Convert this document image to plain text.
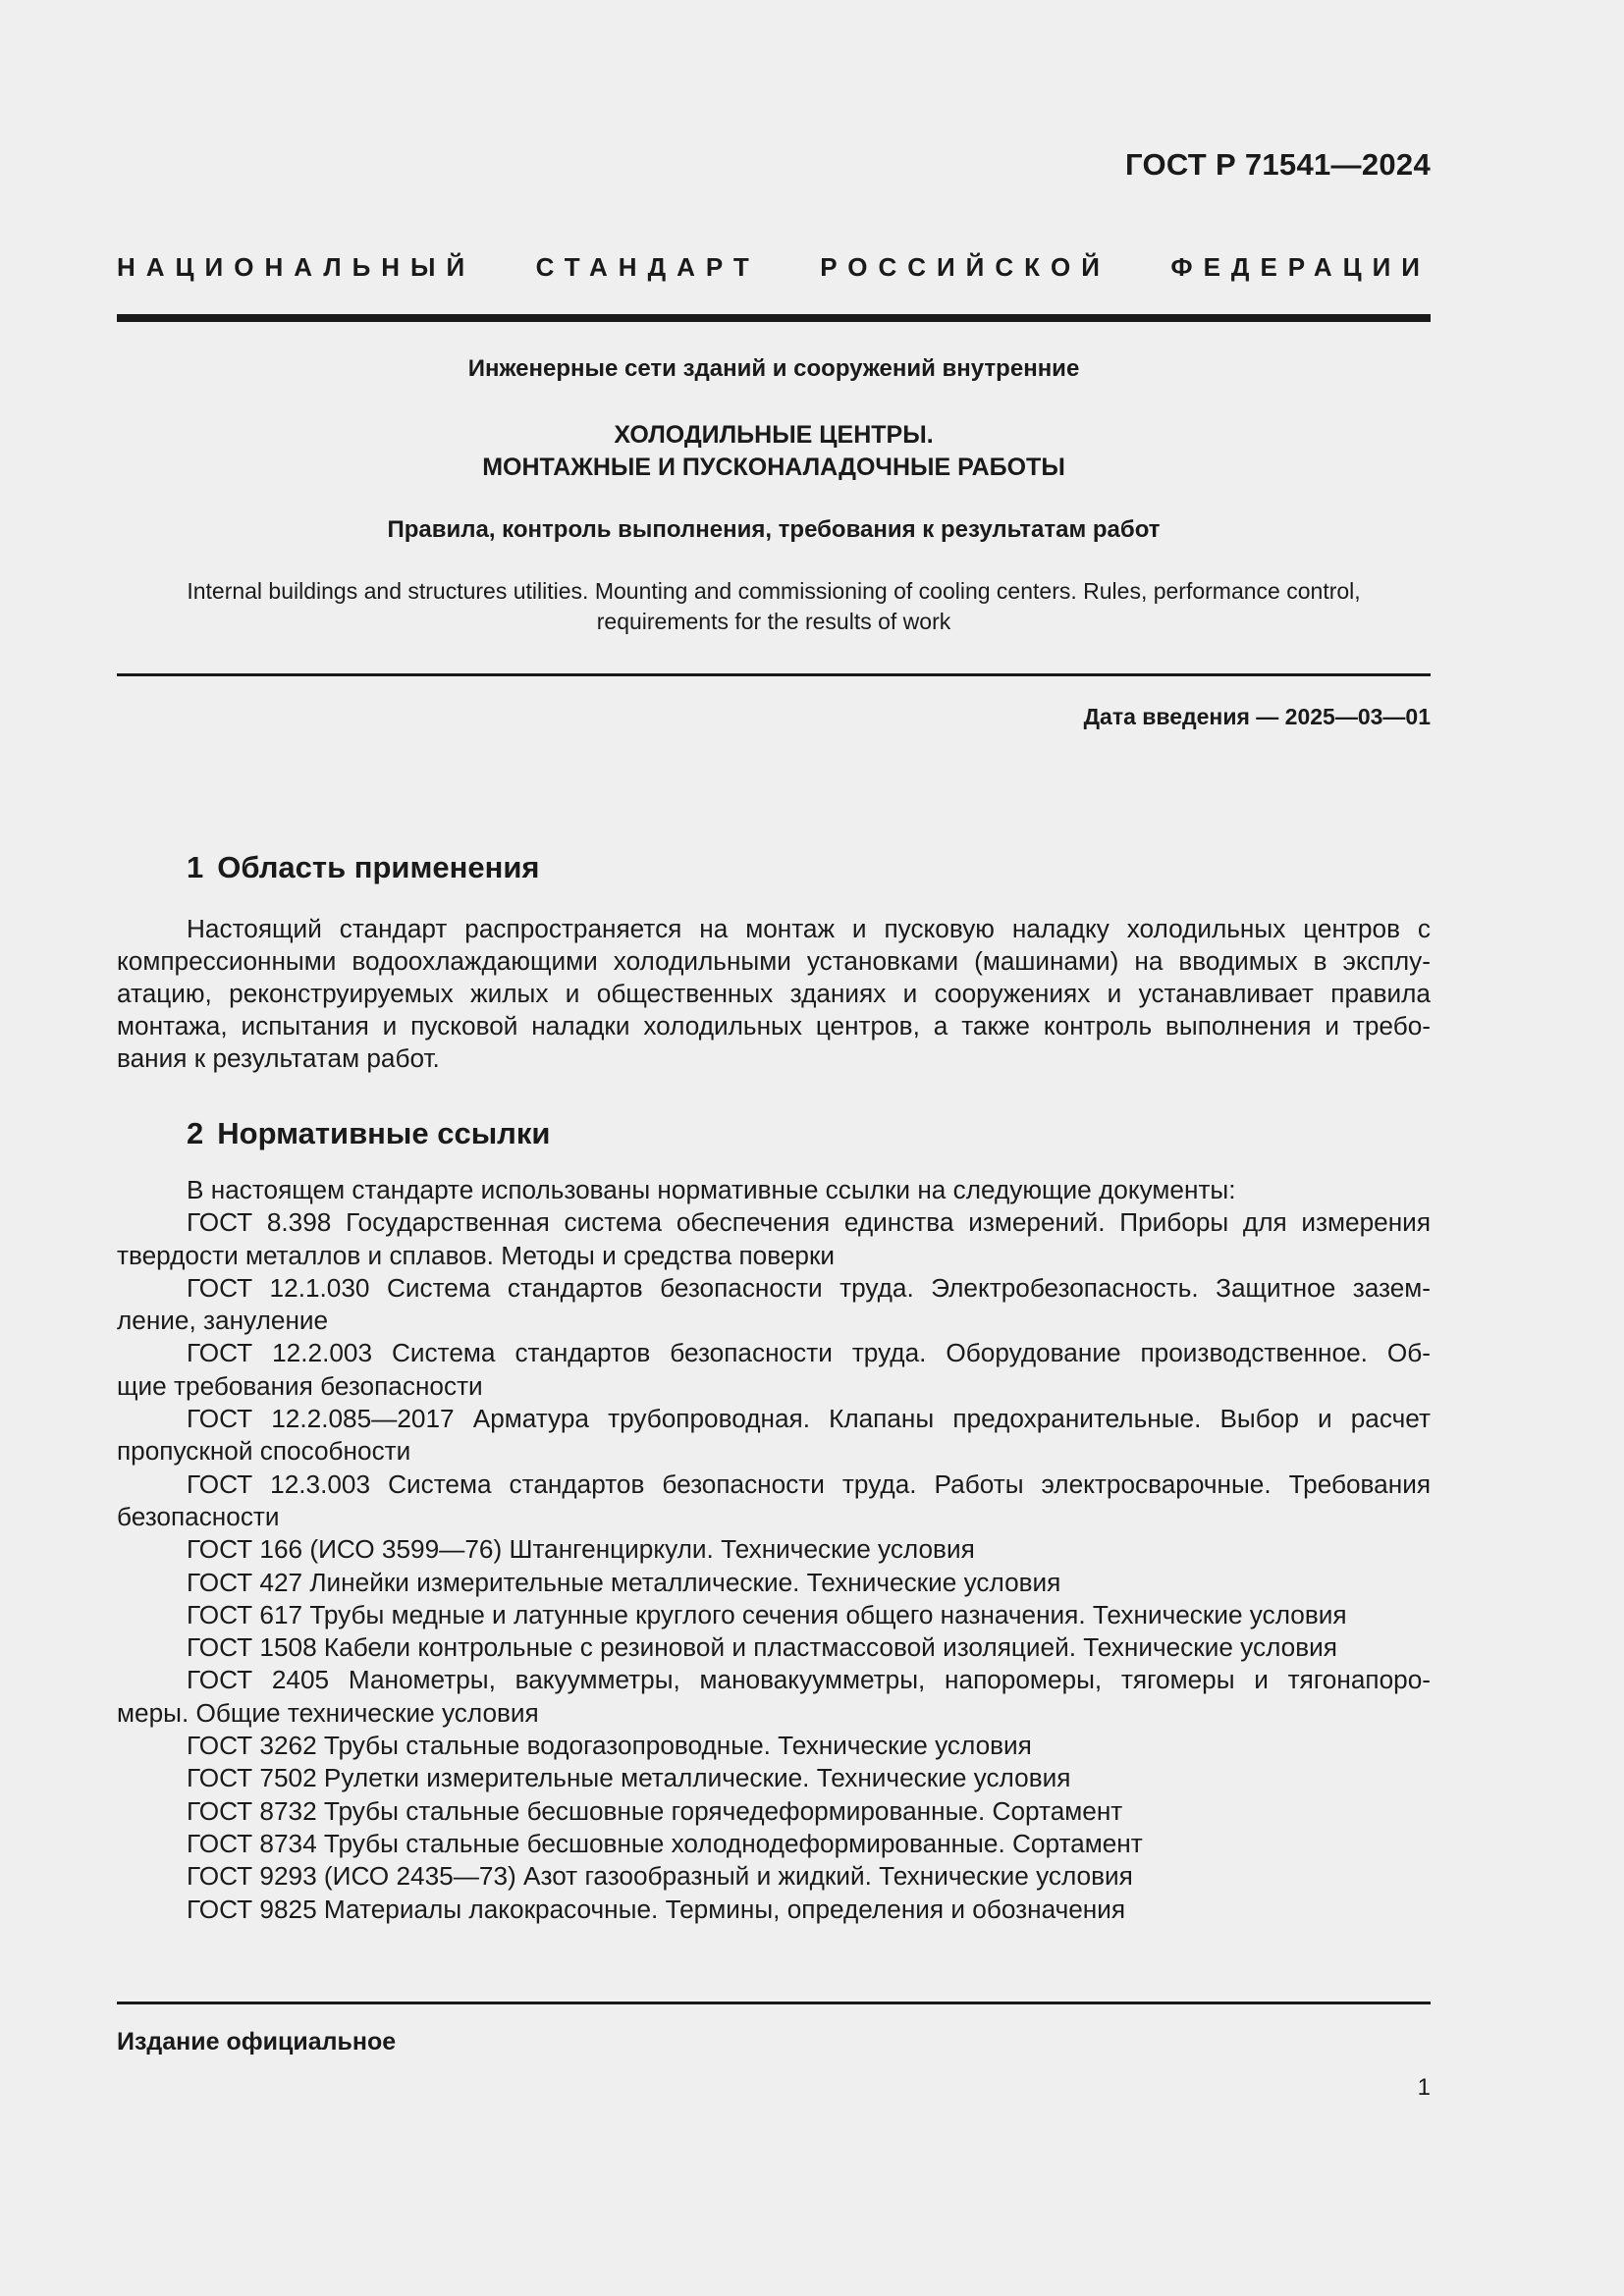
ГОСТ Р 71541—2024
НАЦИОНАЛЬНЫЙ СТАНДАРТ РОССИЙСКОЙ ФЕДЕРАЦИИ
Инженерные сети зданий и сооружений внутренние
ХОЛОДИЛЬНЫЕ ЦЕНТРЫ.
МОНТАЖНЫЕ И ПУСКОНАЛАДОЧНЫЕ РАБОТЫ
Правила, контроль выполнения, требования к результатам работ
Internal buildings and structures utilities. Mounting and commissioning of cooling centers. Rules, performance control,
requirements for the results of work
Дата введения — 2025—03—01
1 Область применения

Настоящий стандарт распространяется на монтаж и пусковую наладку холодильных центров с
компрессионными водоохлаждающими холодильными установками (машинами) на вводимых в эксплу-
атацию, реконструируемых жилых и общественных зданиях и сооружениях и устанавливает правила
монтажа, испытания и пусковой наладки холодильных центров, а также контроль выполнения и требо-
вания к результатам работ.

2 Нормативные ссылки
В настоящем стандарте использованы нормативные ссылки на следующие документы:
ГОСТ 8.398 Государственная система обеспечения единства измерений. Приборы для измерения
твердости металлов и сплавов. Методы и средства поверки
ГОСТ 12.1.030 Система стандартов безопасности труда. Электробезопасность. Защитное зазем-
ление, зануление
ГОСТ 12.2.003 Система стандартов безопасности труда. Оборудование производственное. Об-
щие требования безопасности
ГОСТ 12.2.085—2017 Арматура трубопроводная. Клапаны предохранительные. Выбор и расчет
пропускной способности
ГОСТ 12.3.003 Система стандартов безопасности труда. Работы электросварочные. Требования
безопасности
ГОСТ 166 (ИСО 3599—76) Штангенциркули. Технические условия
ГОСТ 427 Линейки измерительные металлические. Технические условия
ГОСТ 617 Трубы медные и латунные круглого сечения общего назначения. Технические условия
ГОСТ 1508 Кабели контрольные с резиновой и пластмассовой изоляцией. Технические условия
ГОСТ 2405 Манометры, вакуумметры, мановакуумметры, напоромеры, тягомеры и тягонапоро-
меры. Общие технические условия
ГОСТ 3262 Трубы стальные водогазопроводные. Технические условия
ГОСТ 7502 Рулетки измерительные металлические. Технические условия
ГОСТ 8732 Трубы стальные бесшовные горячедеформированные. Сортамент
ГОСТ 8734 Трубы стальные бесшовные холоднодеформированные. Сортамент
ГОСТ 9293 (ИСО 2435—73) Азот газообразный и жидкий. Технические условия
ГОСТ 9825 Материалы лакокрасочные. Термины, определения и обозначения
Издание официальное
1
